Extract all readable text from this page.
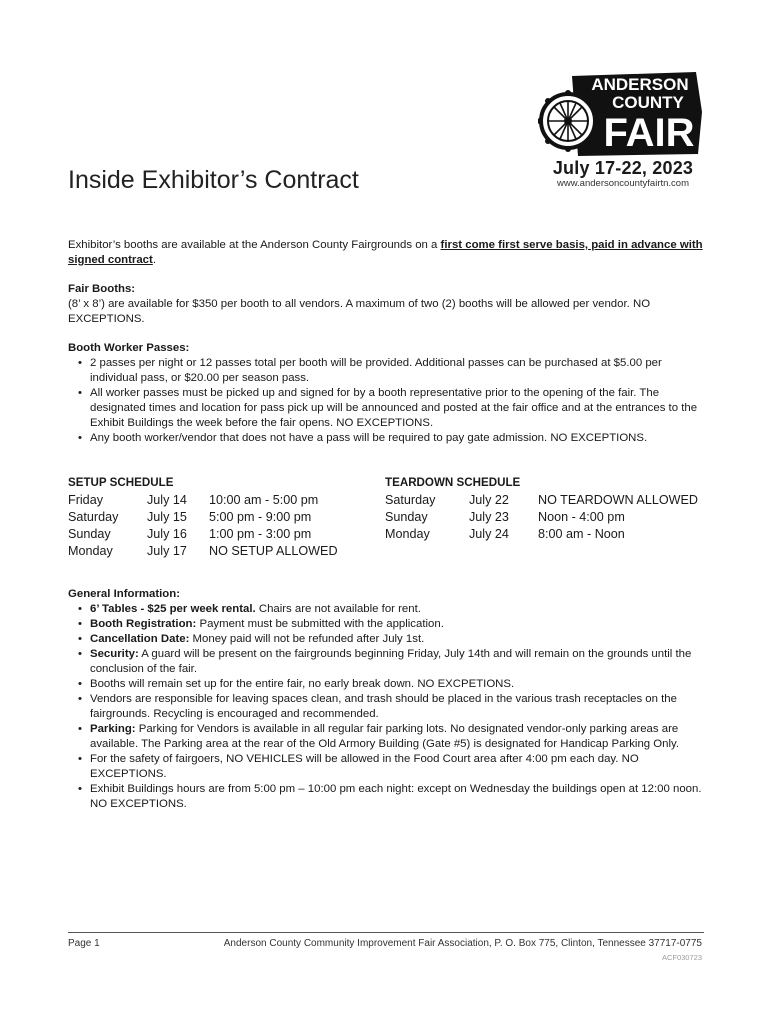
ANDERSON
COUNTY
FAIR
July 17-22, 2023
www.andersoncountyfairtn.com
Inside Exhibitor’s Contract
Exhibitor’s booths are available at the Anderson County Fairgrounds on a first come first serve basis, paid in advance with signed contract.
Fair Booths:
(8’ x 8’) are available for $350 per booth to all vendors. A maximum of two (2) booths will be allowed per vendor. NO EXCEPTIONS.
Booth Worker Passes:
• 2 passes per night or 12 passes total per booth will be provided. Additional passes can be purchased at $5.00 per individual pass, or $20.00 per season pass.
• All worker passes must be picked up and signed for by a booth representative prior to the opening of the fair. The designated times and location for pass pick up will be announced and posted at the fair office and at the entrances to the Exhibit Buildings the week before the fair opens. NO EXCEPTIONS.
• Any booth worker/vendor that does not have a pass will be required to pay gate admission. NO EXCEPTIONS.
SETUP SCHEDULE
Friday	July 14	10:00 am - 5:00 pm
Saturday	July 15	5:00 pm - 9:00 pm
Sunday	July 16	1:00 pm - 3:00 pm
Monday	July 17	NO SETUP ALLOWED
TEARDOWN SCHEDULE
Saturday	July 22	NO TEARDOWN ALLOWED
Sunday	July 23	Noon - 4:00 pm
Monday	July 24	8:00 am - Noon
General Information:
• 6’ Tables - $25 per week rental. Chairs are not available for rent.
• Booth Registration: Payment must be submitted with the application.
• Cancellation Date: Money paid will not be refunded after July 1st.
• Security: A guard will be present on the fairgrounds beginning Friday, July 14th and will remain on the grounds until the conclusion of the fair.
• Booths will remain set up for the entire fair, no early break down. NO EXCPETIONS.
• Vendors are responsible for leaving spaces clean, and trash should be placed in the various trash receptacles on the fairgrounds. Recycling is encouraged and recommended.
• Parking: Parking for Vendors is available in all regular fair parking lots. No designated vendor-only parking areas are available. The Parking area at the rear of the Old Armory Building (Gate #5) is designated for Handicap Parking Only.
• For the safety of fairgoers, NO VEHICLES will be allowed in the Food Court area after 4:00 pm each day. NO EXCEPTIONS.
• Exhibit Buildings hours are from 5:00 pm – 10:00 pm each night: except on Wednesday the buildings open at 12:00 noon. NO EXCEPTIONS.
Page 1	Anderson County Community Improvement Fair Association, P. O. Box 775, Clinton, Tennessee 37717-0775
ACF030723
